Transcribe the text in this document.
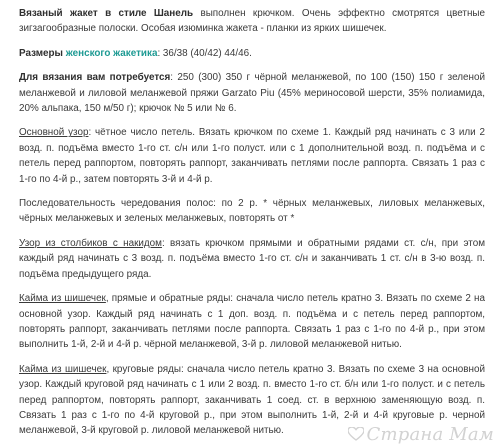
Вязаный жакет в стиле Шанель выполнен крючком. Очень эффектно смотрятся цветные зигзагообразные полоски. Особая изюминка жакета - планки из ярких шишечек.

Размеры женского жакетика: 36/38 (40/42) 44/46.

Для вязания вам потребуется: 250 (300) 350 г чёрной меланжевой, по 100 (150) 150 г зеленой меланжевой и лиловой меланжевой пряжи Garzato Piu (45% мериносовой шерсти, 35% полиамида, 20% альпака, 150 м/50 г); крючок № 5 или № 6.

Основной узор: чётное число петель. Вязать крючком по схеме 1. Каждый ряд начинать с 3 или 2 возд. п. подъёма вместо 1-го ст. с/н или 1-го полуст. или с 1 дополнительной возд. п. подъёма и с петель перед раппортом, повторять раппорт, заканчивать петлями после раппорта. Связать 1 раз с 1-го по 4-й р., затем повторять 3-й и 4-й р.

Последовательность чередования полос: по 2 р. * чёрных меланжевых, лиловых меланжевых, чёрных меланжевых и зеленых меланжевых, повторять от *

Узор из столбиков с накидом: вязать крючком прямыми и обратными рядами ст. с/н, при этом каждый ряд начинать с 3 возд. п. подъёма вместо 1-го ст. с/н и заканчивать 1 ст. с/н в 3-ю возд. п. подъёма предыдущего ряда.

Кайма из шишечек, прямые и обратные ряды: сначала число петель кратно 3. Вязать по схеме 2 на основной узор. Каждый ряд начинать с 1 доп. возд. п. подъёма и с петель перед раппортом, повторять раппорт, заканчивать петлями после раппорта. Связать 1 раз с 1-го по 4-й р., при этом выполнить 1-й, 2-й и 4-й р. чёрной меланжевой, 3-й р. лиловой меланжевой нитью.

Кайма из шишечек, круговые ряды: сначала число петель кратно 3. Вязать по схеме 3 на основной узор. Каждый круговой ряд начинать с 1 или 2 возд. п. вместо 1-го ст. б/н или 1-го полуст. и с петель перед раппортом, повторять раппорт, заканчивать 1 соед. ст. в верхнюю заменяющую возд. п. Связать 1 раз с 1-го по 4-й круговой р., при этом выполнить 1-й, 2-й и 4-й круговые р. черной меланжевой, 3-й круговой р. лиловой меланжевой нитью.	Страна Мам
